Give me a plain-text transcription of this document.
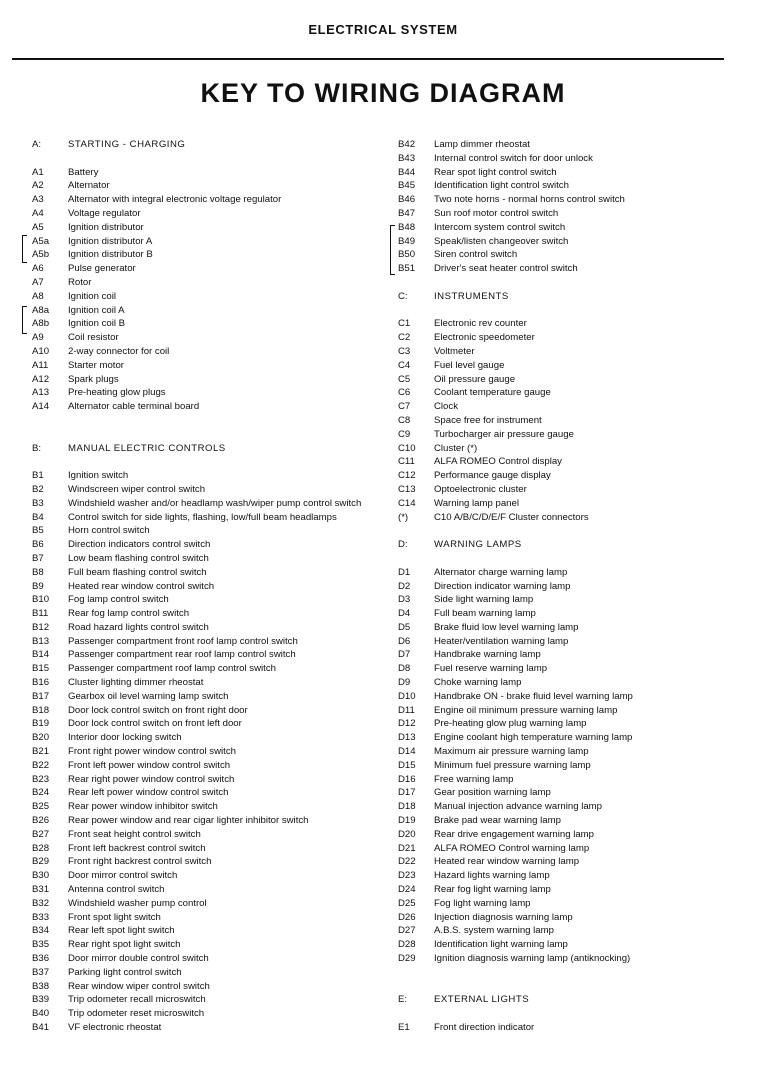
ELECTRICAL SYSTEM
KEY TO WIRING DIAGRAM
A:	STARTING - CHARGING
A1	Battery
A2	Alternator
A3	Alternator with integral electronic voltage regulator
A4	Voltage regulator
A5	Ignition distributor
A5a	Ignition distributor A
A5b	Ignition distributor B
A6	Pulse generator
A7	Rotor
A8	Ignition coil
A8a	Ignition coil A
A8b	Ignition coil B
A9	Coil resistor
A10	2-way connector for coil
A11	Starter motor
A12	Spark plugs
A13	Pre-heating glow plugs
A14	Alternator cable terminal board
B:	MANUAL ELECTRIC CONTROLS
B1	Ignition switch
B2	Windscreen wiper control switch
B3	Windshield washer and/or headlamp wash/wiper pump control switch
B4	Control switch for side lights, flashing, low/full beam headlamps
B5	Horn control switch
B6	Direction indicators control switch
B7	Low beam flashing control switch
B8	Full beam flashing control switch
B9	Heated rear window control switch
B10	Fog lamp control switch
B11	Rear fog lamp control switch
B12	Road hazard lights control switch
B13	Passenger compartment front roof lamp control switch
B14	Passenger compartment rear roof lamp control switch
B15	Passenger compartment roof lamp control switch
B16	Cluster lighting dimmer rheostat
B17	Gearbox oil level warning lamp switch
B18	Door lock control switch on front right door
B19	Door lock control switch on front left door
B20	Interior door locking switch
B21	Front right power window control switch
B22	Front left power window control switch
B23	Rear right power window control switch
B24	Rear left power window control switch
B25	Rear power window inhibitor switch
B26	Rear power window and rear cigar lighter inhibitor switch
B27	Front seat height control switch
B28	Front left backrest control switch
B29	Front right backrest control switch
B30	Door mirror control switch
B31	Antenna control switch
B32	Windshield washer pump control
B33	Front spot light switch
B34	Rear left spot light switch
B35	Rear right spot light switch
B36	Door mirror double control switch
B37	Parking light control switch
B38	Rear window wiper control switch
B39	Trip odometer recall microswitch
B40	Trip odometer reset microswitch
B41	VF electronic rheostat
B42	Lamp dimmer rheostat
B43	Internal control switch for door unlock
B44	Rear spot light control switch
B45	Identification light control switch
B46	Two note horns - normal horns control switch
B47	Sun roof motor control switch
B48	Intercom system control switch
B49	Speak/listen changeover switch
B50	Siren control switch
B51	Driver's seat heater control switch
C:	INSTRUMENTS
C1	Electronic rev counter
C2	Electronic speedometer
C3	Voltmeter
C4	Fuel level gauge
C5	Oil pressure gauge
C6	Coolant temperature gauge
C7	Clock
C8	Space free for instrument
C9	Turbocharger air pressure gauge
C10	Cluster (*)
C11	ALFA ROMEO Control display
C12	Performance gauge display
C13	Optoelectronic cluster
C14	Warning lamp panel
(*)	C10 A/B/C/D/E/F Cluster connectors
D:	WARNING LAMPS
D1	Alternator charge warning lamp
D2	Direction indicator warning lamp
D3	Side light warning lamp
D4	Full beam warning lamp
D5	Brake fluid low level warning lamp
D6	Heater/ventilation warning lamp
D7	Handbrake warning lamp
D8	Fuel reserve warning lamp
D9	Choke warning lamp
D10	Handbrake ON - brake fluid level warning lamp
D11	Engine oil minimum pressure warning lamp
D12	Pre-heating glow plug warning lamp
D13	Engine coolant high temperature warning lamp
D14	Maximum air pressure warning lamp
D15	Minimum fuel pressure warning lamp
D16	Free warning lamp
D17	Gear position warning lamp
D18	Manual injection advance warning lamp
D19	Brake pad wear warning lamp
D20	Rear drive engagement warning lamp
D21	ALFA ROMEO Control warning lamp
D22	Heated rear window warning lamp
D23	Hazard lights warning lamp
D24	Rear fog light warning lamp
D25	Fog light warning lamp
D26	Injection diagnosis warning lamp
D27	A.B.S. system warning lamp
D28	Identification light warning lamp
D29	Ignition diagnosis warning lamp (antiknocking)
E:	EXTERNAL LIGHTS
E1	Front direction indicator
